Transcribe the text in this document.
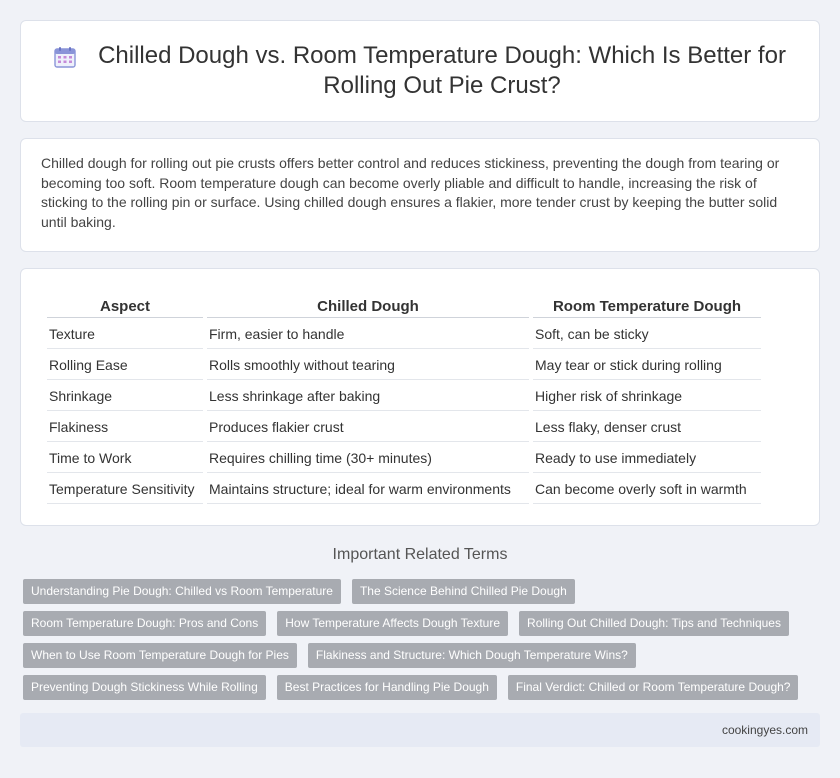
Chilled Dough vs. Room Temperature Dough: Which Is Better for Rolling Out Pie Crust?

Chilled dough for rolling out pie crusts offers better control and reduces stickiness, preventing the dough from tearing or becoming too soft. Room temperature dough can become overly pliable and difficult to handle, increasing the risk of sticking to the rolling pin or surface. Using chilled dough ensures a flakier, more tender crust by keeping the butter solid until baking.

Aspect	Chilled Dough	Room Temperature Dough
Texture	Firm, easier to handle	Soft, can be sticky
Rolling Ease	Rolls smoothly without tearing	May tear or stick during rolling
Shrinkage	Less shrinkage after baking	Higher risk of shrinkage
Flakiness	Produces flakier crust	Less flaky, denser crust
Time to Work	Requires chilling time (30+ minutes)	Ready to use immediately
Temperature Sensitivity	Maintains structure; ideal for warm environments	Can become overly soft in warmth
Important Related Terms
Understanding Pie Dough: Chilled vs Room Temperature	The Science Behind Chilled Pie Dough
Room Temperature Dough: Pros and Cons	How Temperature Affects Dough Texture	Rolling Out Chilled Dough: Tips and Techniques
When to Use Room Temperature Dough for Pies	Flakiness and Structure: Which Dough Temperature Wins?
Preventing Dough Stickiness While Rolling	Best Practices for Handling Pie Dough	Final Verdict: Chilled or Room Temperature Dough?
cookingyes.com
